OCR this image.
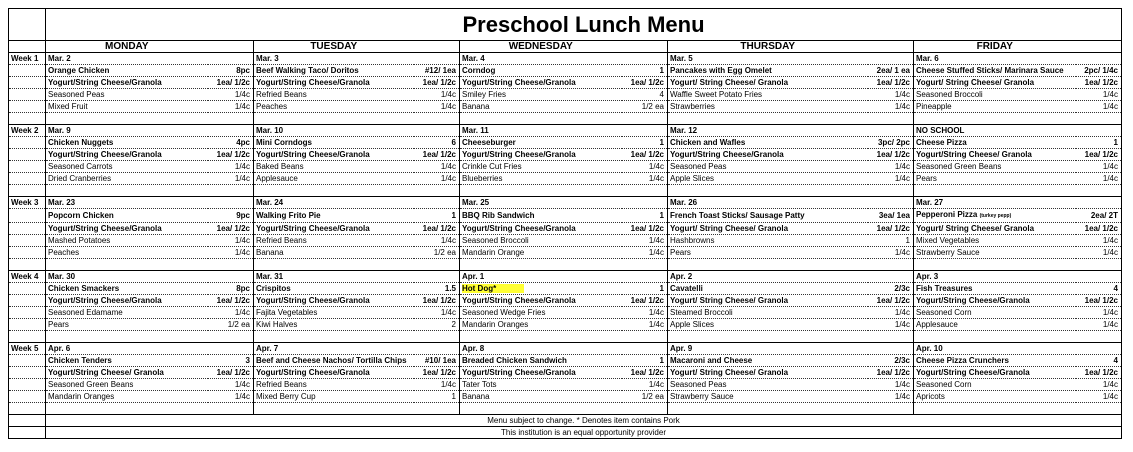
	Preschool Lunch Menu									
	MONDAY		TUESDAY		WEDNESDAY		THURSDAY		FRIDAY	
Week 1	Mar. 2		Mar. 3		Mar. 4		Mar. 5		Mar. 6	
	Orange Chicken	8pc	Beef Walking Taco/ Doritos	#12/ 1ea	Corndog	1	Pancakes with Egg Omelet	2ea/ 1 ea	Cheese Stuffed Sticks/ Marinara Sauce	2pc/ 1/4c
	Yogurt/String Cheese/Granola	1ea/ 1/2c	Yogurt/String Cheese/Granola	1ea/ 1/2c	Yogurt/String Cheese/Granola	1ea/ 1/2c	Yogurt/ String Cheese/ Granola	1ea/ 1/2c	Yogurt/ String Cheese/ Granola	1ea/ 1/2c
	Seasoned Peas	1/4c	Refried Beans	1/4c	Smiley Fries	4	Waffle Sweet Potato Fries	1/4c	Seasoned Broccoli	1/4c
	Mixed Fruit	1/4c	Peaches	1/4c	Banana	1/2 ea	Strawberries	1/4c	Pineapple	1/4c

Week 2	Mar. 9		Mar. 10		Mar. 11		Mar. 12		NO SCHOOL	
	Chicken Nuggets	4pc	Mini Corndogs	6	Cheeseburger	1	Chicken and Wafles	3pc/ 2pc	Cheese Pizza	1
	Yogurt/String Cheese/Granola	1ea/ 1/2c	Yogurt/String Cheese/Granola	1ea/ 1/2c	Yogurt/String Cheese/Granola	1ea/ 1/2c	Yogurt/String Cheese/Granola	1ea/ 1/2c	Yogurt/String Cheese/ Granola	1ea/ 1/2c
	Seasoned Carrots	1/4c	Baked Beans	1/4c	Crinkle Cut Fries	1/4c	Seasoned Peas	1/4c	Seasoned Green Beans	1/4c
	Dried Cranberries	1/4c	Applesauce	1/4c	Blueberries	1/4c	Apple Slices	1/4c	Pears	1/4c

Week 3	Mar. 23		Mar. 24		Mar. 25		Mar. 26		Mar. 27	
	Popcorn Chicken	9pc	Walking Frito Pie	1	BBQ Rib Sandwich	1	French Toast Sticks/ Sausage Patty	3ea/ 1ea	Pepperoni Pizza (turkey pepp)	2ea/ 2T
	Yogurt/String Cheese/Granola	1ea/ 1/2c	Yogurt/String Cheese/Granola	1ea/ 1/2c	Yogurt/String Cheese/Granola	1ea/ 1/2c	Yogurt/ String Cheese/ Granola	1ea/ 1/2c	Yogurt/ String Cheese/ Granola	1ea/ 1/2c
	Mashed Potatoes	1/4c	Refried Beans	1/4c	Seasoned Broccoli	1/4c	Hashbrowns	1	Mixed Vegetables	1/4c
	Peaches	1/4c	Banana	1/2 ea	Mandarin Orange	1/4c	Pears	1/4c	Strawberry Sauce	1/4c

Week 4	Mar. 30		Mar. 31		Apr. 1		Apr. 2		Apr. 3	
	Chicken Smackers	8pc	Crispitos	1.5	Hot Dog*	1	Cavatelli	2/3c	Fish Treasures	4
	Yogurt/String Cheese/Granola	1ea/ 1/2c	Yogurt/String Cheese/Granola	1ea/ 1/2c	Yogurt/String Cheese/Granola	1ea/ 1/2c	Yogurt/ String Cheese/ Granola	1ea/ 1/2c	Yogurt/String Cheese/Granola	1ea/ 1/2c
	Seasoned Edamame	1/4c	Fajita Vegetables	1/4c	Seasoned Wedge Fries	1/4c	Steamed Broccoli	1/4c	Seasoned Corn	1/4c
	Pears	1/2 ea	Kiwi Halves	2	Mandarin Oranges	1/4c	Apple Slices	1/4c	Applesauce	1/4c

Week 5	Apr. 6		Apr. 7		Apr. 8		Apr. 9		Apr. 10	
	Chicken Tenders	3	Beef and Cheese Nachos/ Tortilla Chips	#10/ 1ea	Breaded Chicken Sandwich	1	Macaroni and Cheese	2/3c	Cheese Pizza Crunchers	4
	Yogurt/String Cheese/ Granola	1ea/ 1/2c	Yogurt/String Cheese/Granola	1ea/ 1/2c	Yogurt/String Cheese/Granola	1ea/ 1/2c	Yogurt/ String Cheese/ Granola	1ea/ 1/2c	Yogurt/String Cheese/Granola	1ea/ 1/2c
	Seasoned Green Beans	1/4c	Refried Beans	1/4c	Tater Tots	1/4c	Seasoned Peas	1/4c	Seasoned Corn	1/4c
	Mandarin Oranges	1/4c	Mixed Berry Cup	1	Banana	1/2 ea	Strawberry Sauce	1/4c	Apricots	1/4c

	Menu subject to change. * Denotes item contains Pork									
	This institution is an equal opportunity provider									
